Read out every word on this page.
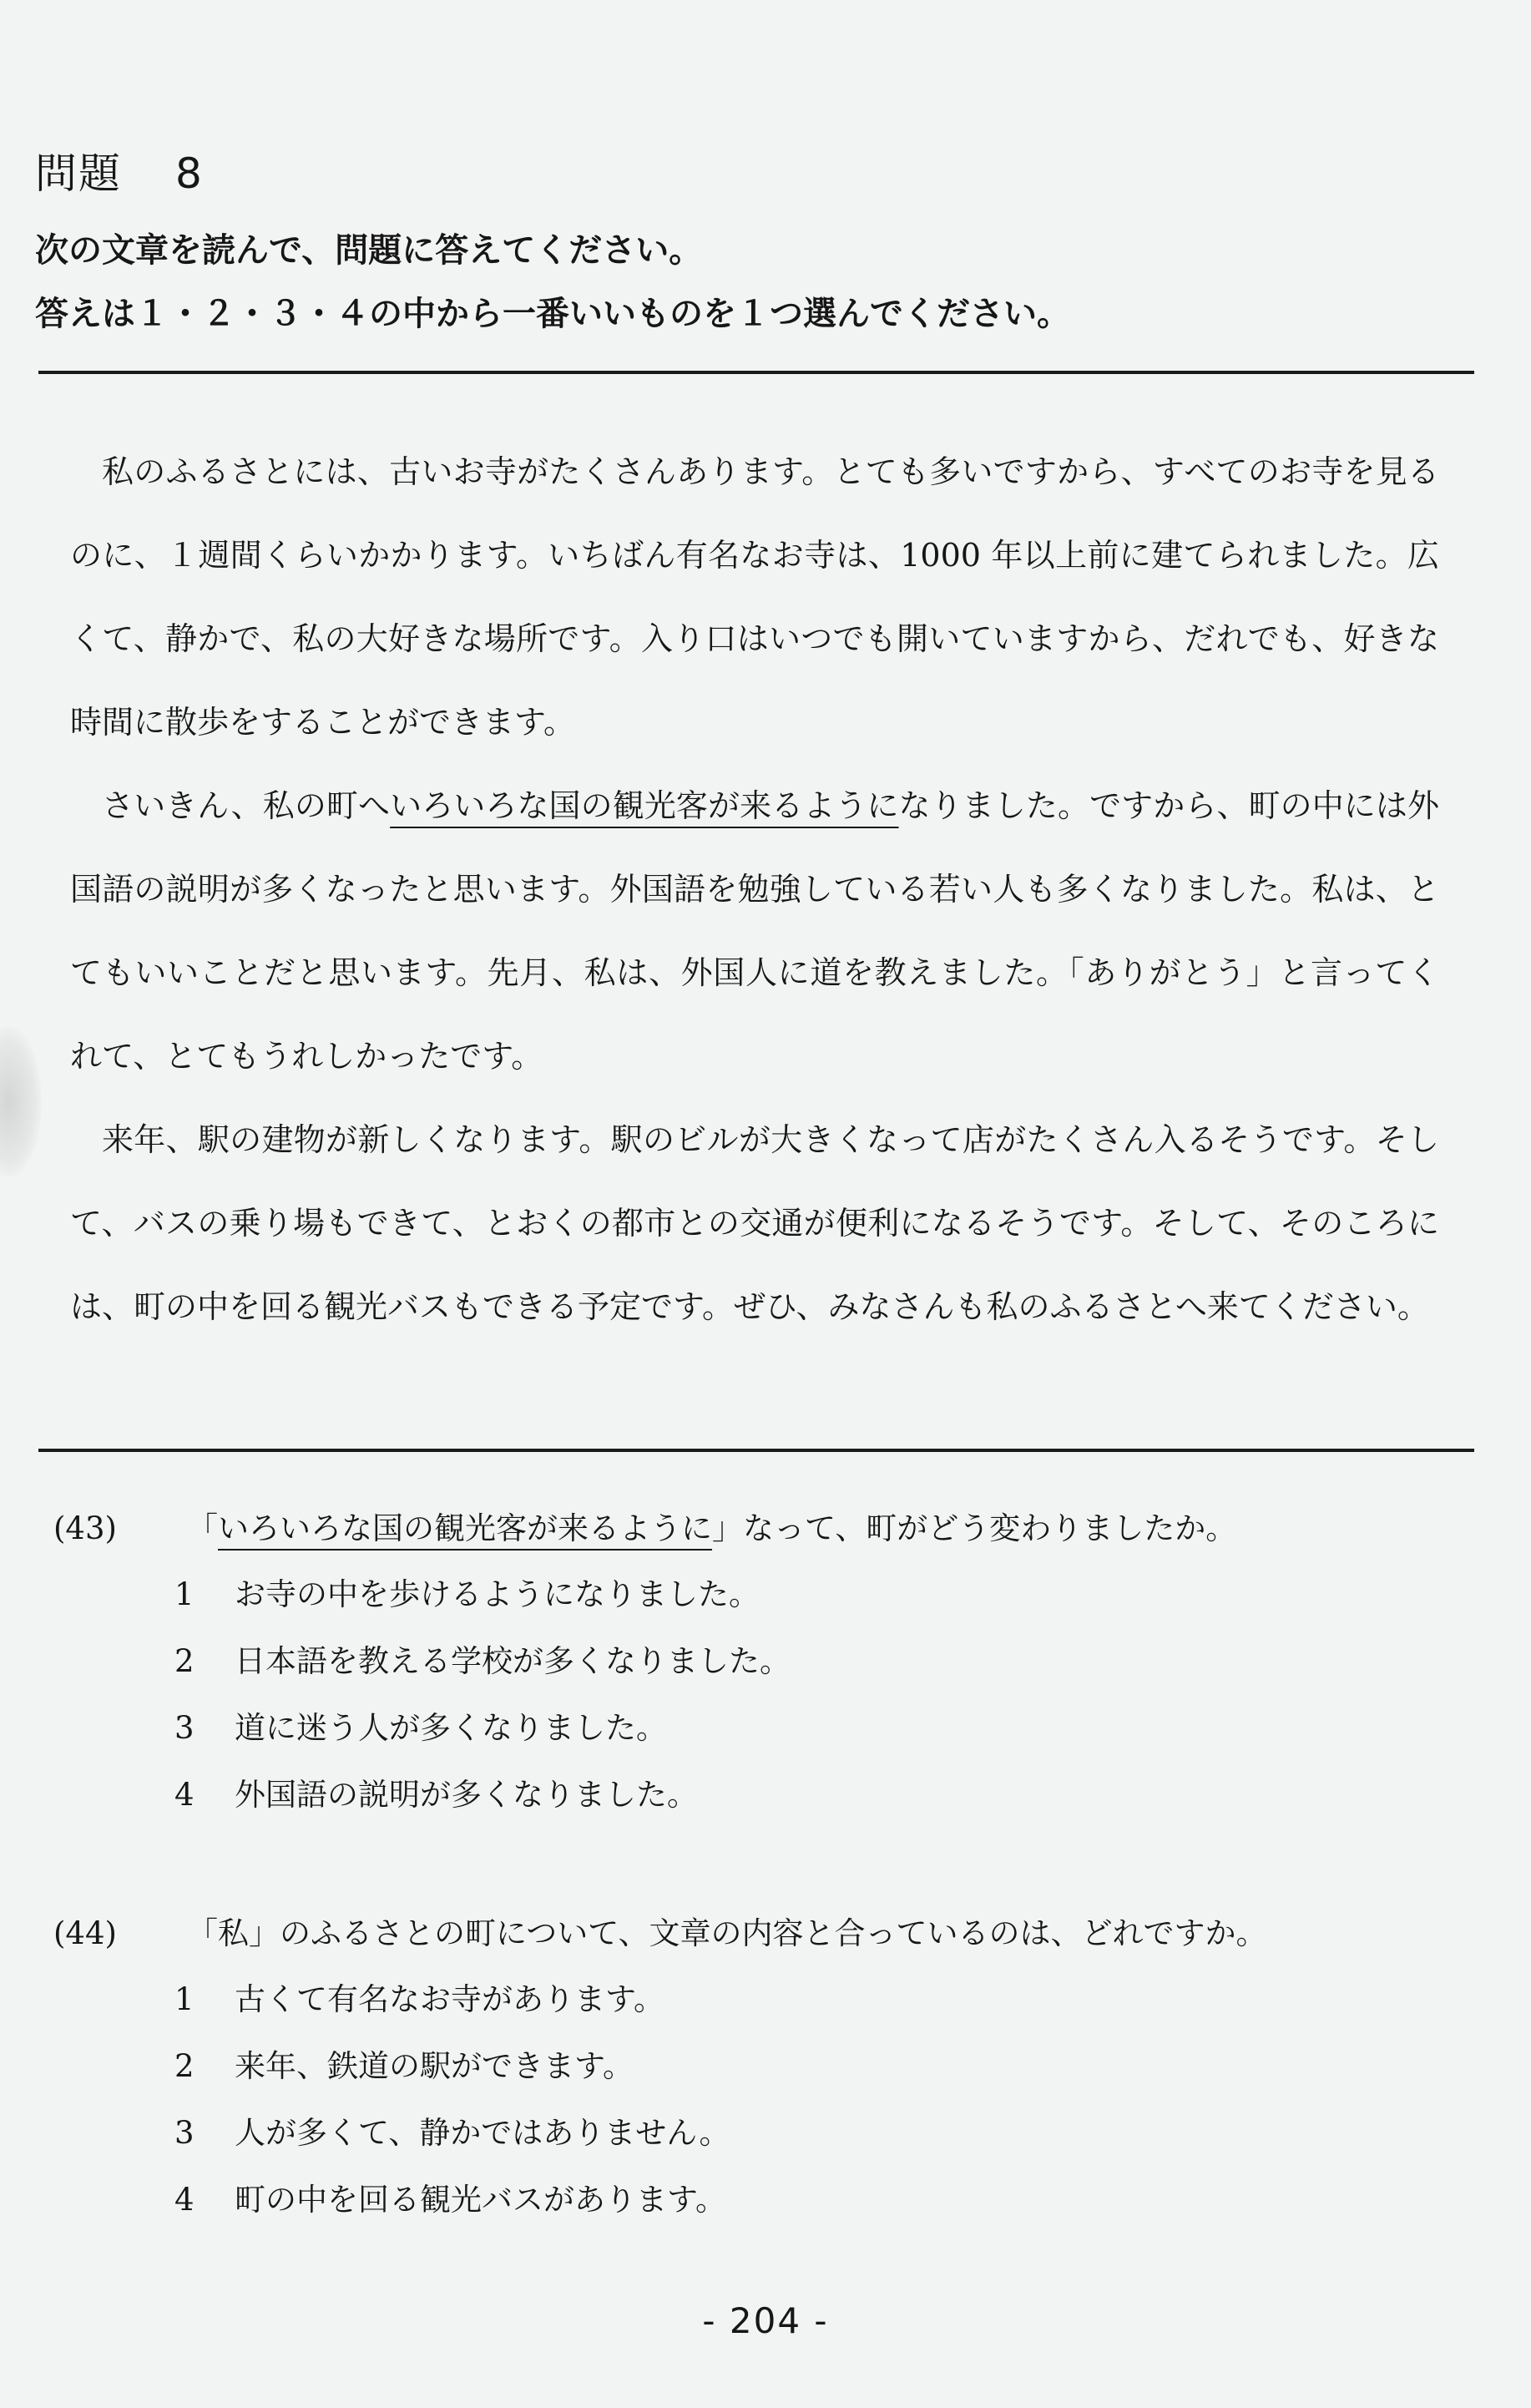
問題 8

次の文章を読んで、問題に答えてください。

答えは１・２・３・４の中から一番いいものを１つ選んでください。

私のふるさとには、古いお寺がたくさんあります。とても多いですから、すべてのお寺を見るのに、１週間くらいかかります。いちばん有名なお寺は、1000 年以上前に建てられました。広くて、静かで、私の大好きな場所です。入り口はいつでも開いていますから、だれでも、好きな時間に散歩をすることができます。

さいきん、私の町へいろいろな国の観光客が来るようになりました。ですから、町の中には外国語の説明が多くなったと思います。外国語を勉強している若い人も多くなりました。私は、とてもいいことだと思います。先月、私は、外国人に道を教えました。「ありがとう」と言ってくれて、とてもうれしかったです。

来年、駅の建物が新しくなります。駅のビルが大きくなって店がたくさん入るそうです。そして、バスの乗り場もできて、とおくの都市との交通が便利になるそうです。そして、そのころには、町の中を回る観光バスもできる予定です。ぜひ、みなさんも私のふるさとへ来てください。

(43)	「いろいろな国の観光客が来るように」なって、町がどう変わりましたか。
1	お寺の中を歩けるようになりました。
2	日本語を教える学校が多くなりました。
3	道に迷う人が多くなりました。
4	外国語の説明が多くなりました。
(44)	「私」のふるさとの町について、文章の内容と合っているのは、どれですか。
1	古くて有名なお寺があります。
2	来年、鉄道の駅ができます。
3	人が多くて、静かではありません。
4	町の中を回る観光バスがあります。
- 204 -
